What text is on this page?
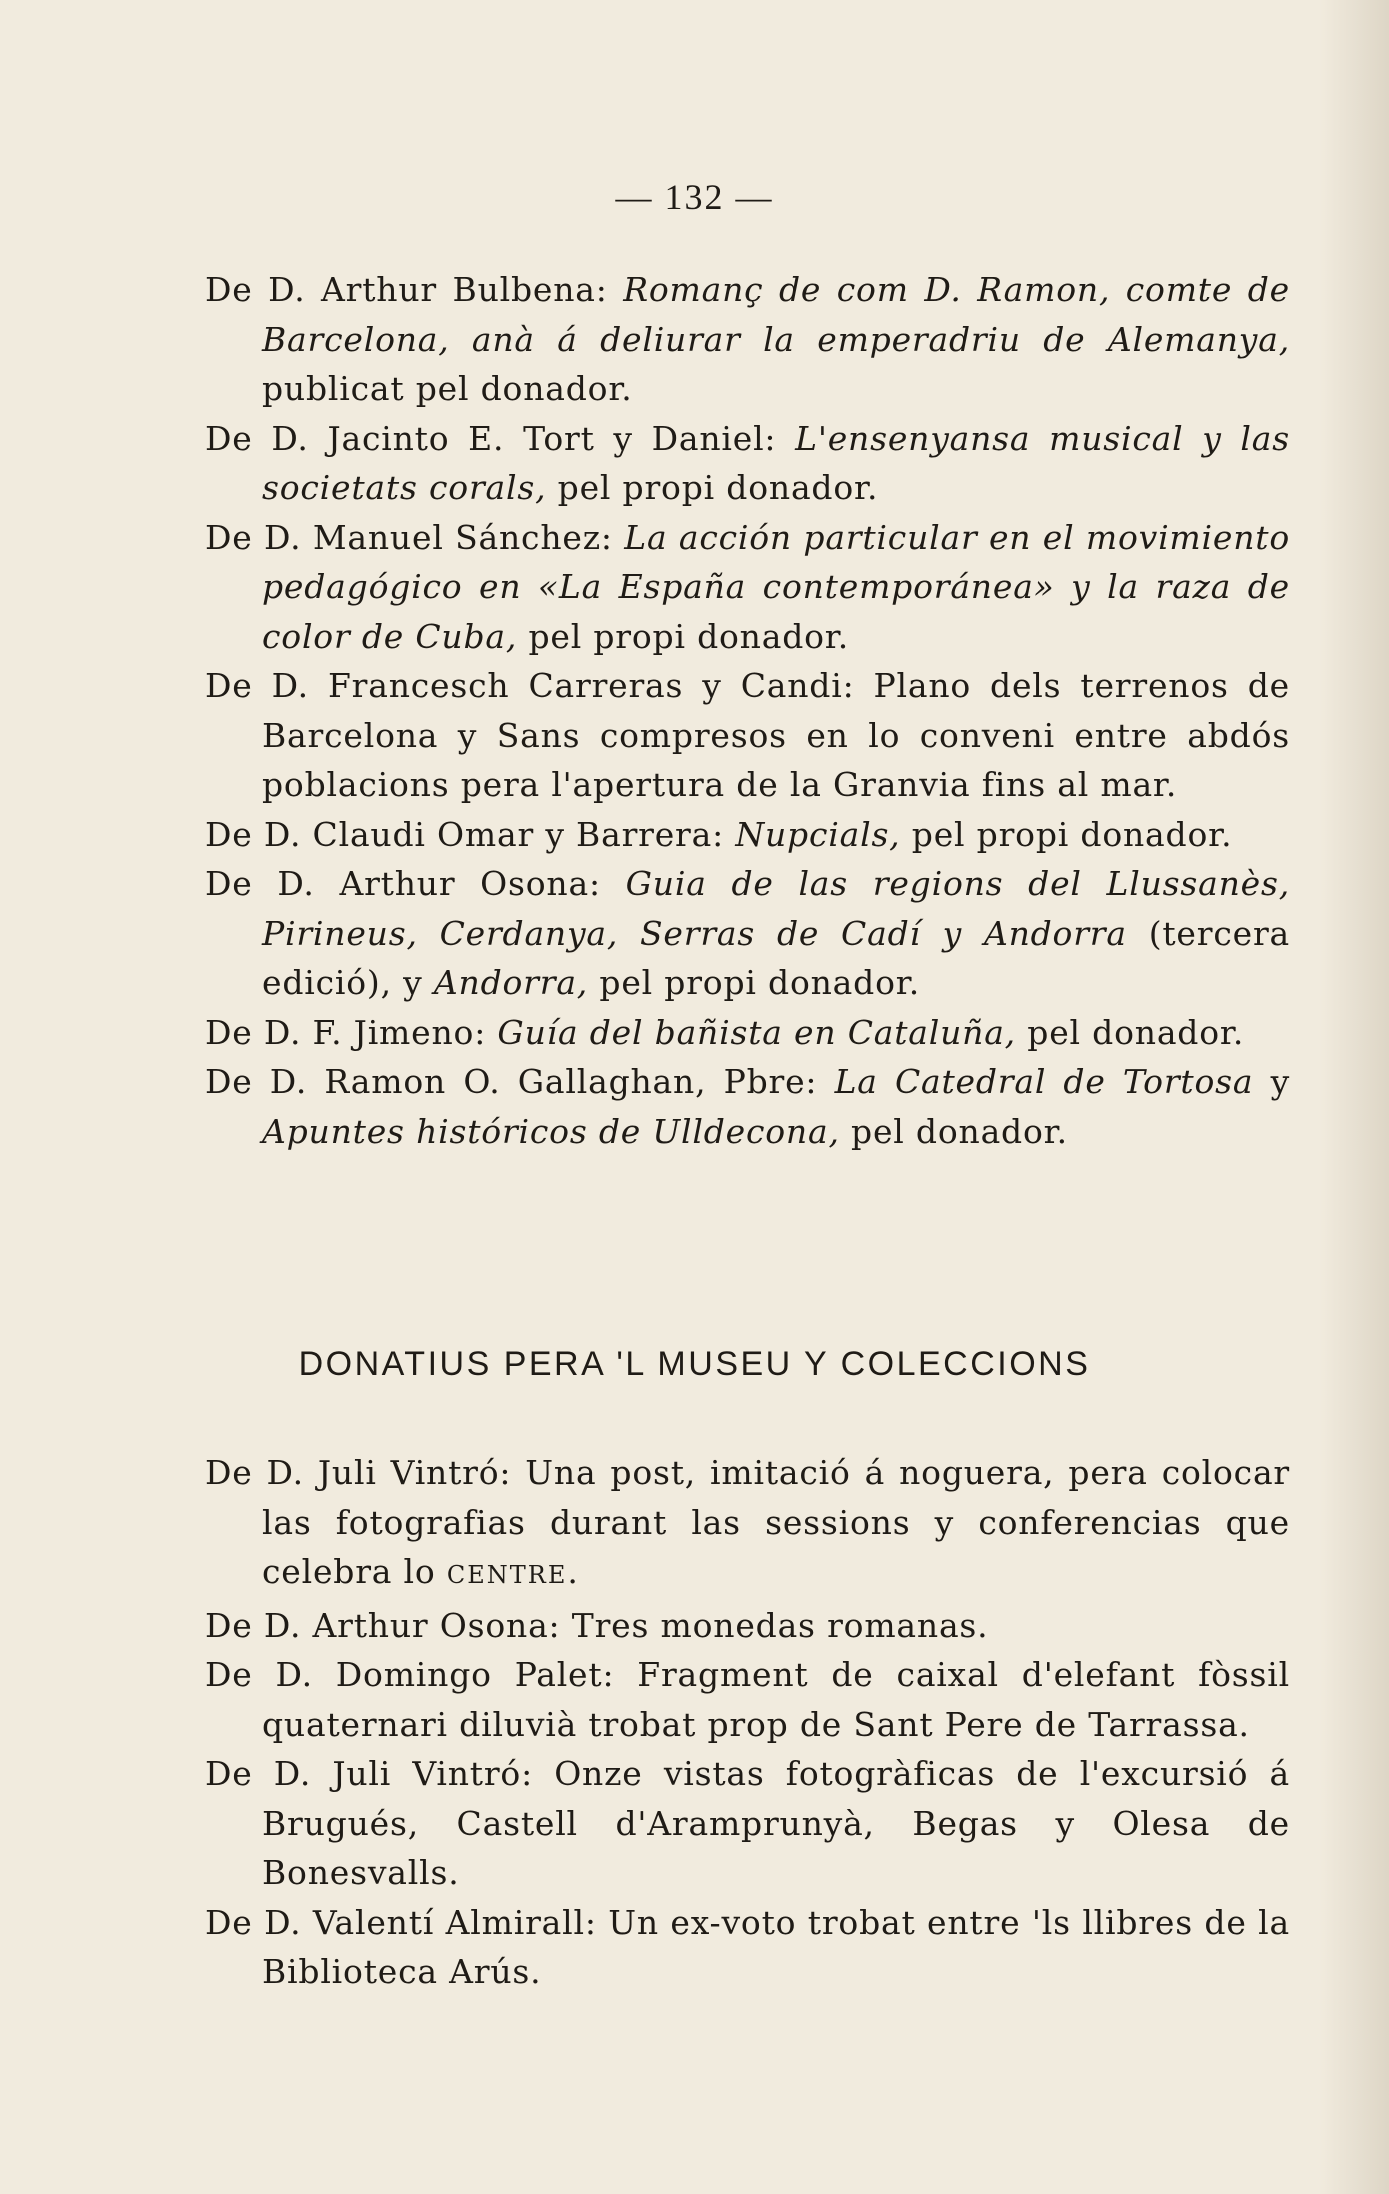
— 132 —

De D. Arthur Bulbena: Romanç de com D. Ramon, comte de Barcelona, anà á deliurar la emperadriu de Alemanya, publicat pel donador.

De D. Jacinto E. Tort y Daniel: L'ensenyansa musical y las societats corals, pel propi donador.

De D. Manuel Sánchez: La acción particular en el movimiento pedagógico en «La España contemporánea» y la raza de color de Cuba, pel propi donador.

De D. Francesch Carreras y Candi: Plano dels terrenos de Barcelona y Sans compresos en lo conveni entre abdós poblacions pera l'apertura de la Granvia fins al mar.

De D. Claudi Omar y Barrera: Nupcials, pel propi donador.

De D. Arthur Osona: Guia de las regions del Llussanès, Pirineus, Cerdanya, Serras de Cadí y Andorra (tercera edició), y Andorra, pel propi donador.

De D. F. Jimeno: Guía del bañista en Cataluña, pel donador.

De D. Ramon O. Gallaghan, Pbre: La Catedral de Tortosa y Apuntes históricos de Ulldecona, pel donador.

DONATIUS PERA 'L MUSEU Y COLECCIONS

De D. Juli Vintró: Una post, imitació á noguera, pera colocar las fotografias durant las sessions y conferencias que celebra lo CENTRE.

De D. Arthur Osona: Tres monedas romanas.

De D. Domingo Palet: Fragment de caixal d'elefant fòssil quaternari diluvià trobat prop de Sant Pere de Tarrassa.

De D. Juli Vintró: Onze vistas fotogràficas de l'excursió á Brugués, Castell d'Aramprunyà, Begas y Olesa de Bonesvalls.

De D. Valentí Almirall: Un ex-voto trobat entre 'ls llibres de la Biblioteca Arús.
